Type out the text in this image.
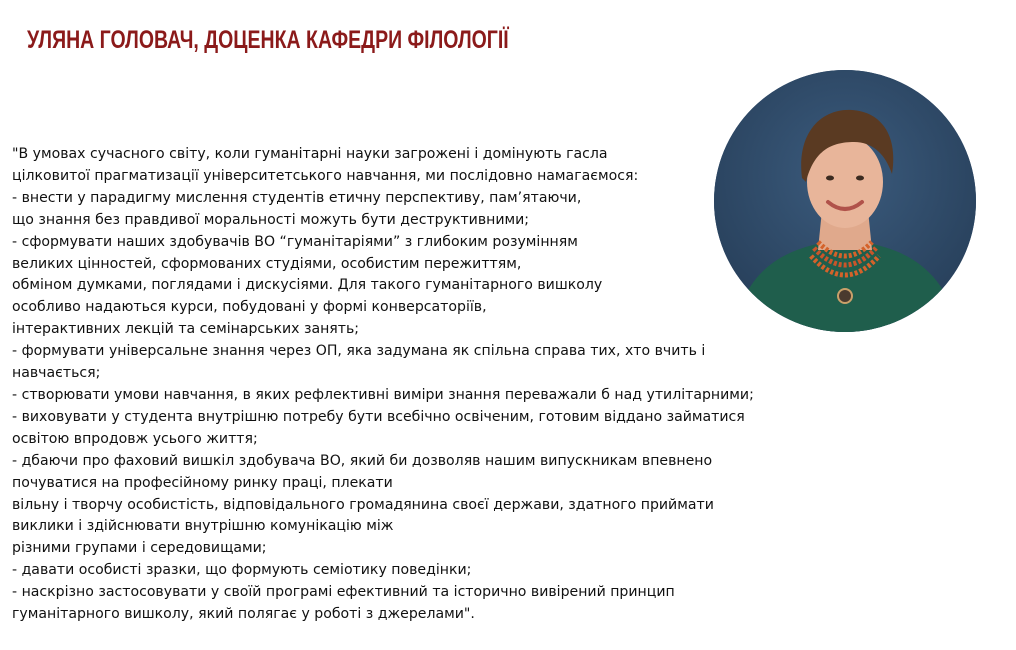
УЛЯНА ГОЛОВАЧ, ДОЦЕНКА КАФЕДРИ ФІЛОЛОГІЇ
"В умовах сучасного світу, коли гуманітарні науки загрожені і домінують гасла
цілковитої прагматизації університетського навчання, ми послідовно намагаємося:
- внести у парадигму мислення студентів етичну перспективу, пам’ятаючи,
що знання без правдивої моральності можуть бути деструктивними;
- сформувати наших здобувачів ВО “гуманітаріями” з глибоким розумінням
великих цінностей, сформованих студіями, особистим пережиттям,
обміном думками, поглядами і дискусіями. Для такого гуманітарного вишколу
особливо надаються курси, побудовані у формі конверсаторіїв,
інтерактивних лекцій та семінарських занять;
- формувати універсальне знання через ОП, яка задумана як спільна справа тих, хто вчить і
навчається;
- створювати умови навчання, в яких рефлективні виміри знання переважали б над утилітарними;
- виховувати у студента внутрішню потребу бути всебічно освіченим, готовим віддано займатися
освітою впродовж усього життя;
- дбаючи про фаховий вишкіл здобувача ВО, який би дозволяв нашим випускникам впевнено
почуватися на професійному ринку праці, плекати
вільну і творчу особистість, відповідального громадянина своєї держави, здатного приймати
виклики і здійснювати внутрішню комунікацію між
різними групами і середовищами;
- давати особисті зразки, що формують семіотику поведінки;
- наскрізно застосовувати у своїй програмі ефективний та історично вивірений принцип
гуманітарного вишколу, який полягає у роботі з джерелами".
